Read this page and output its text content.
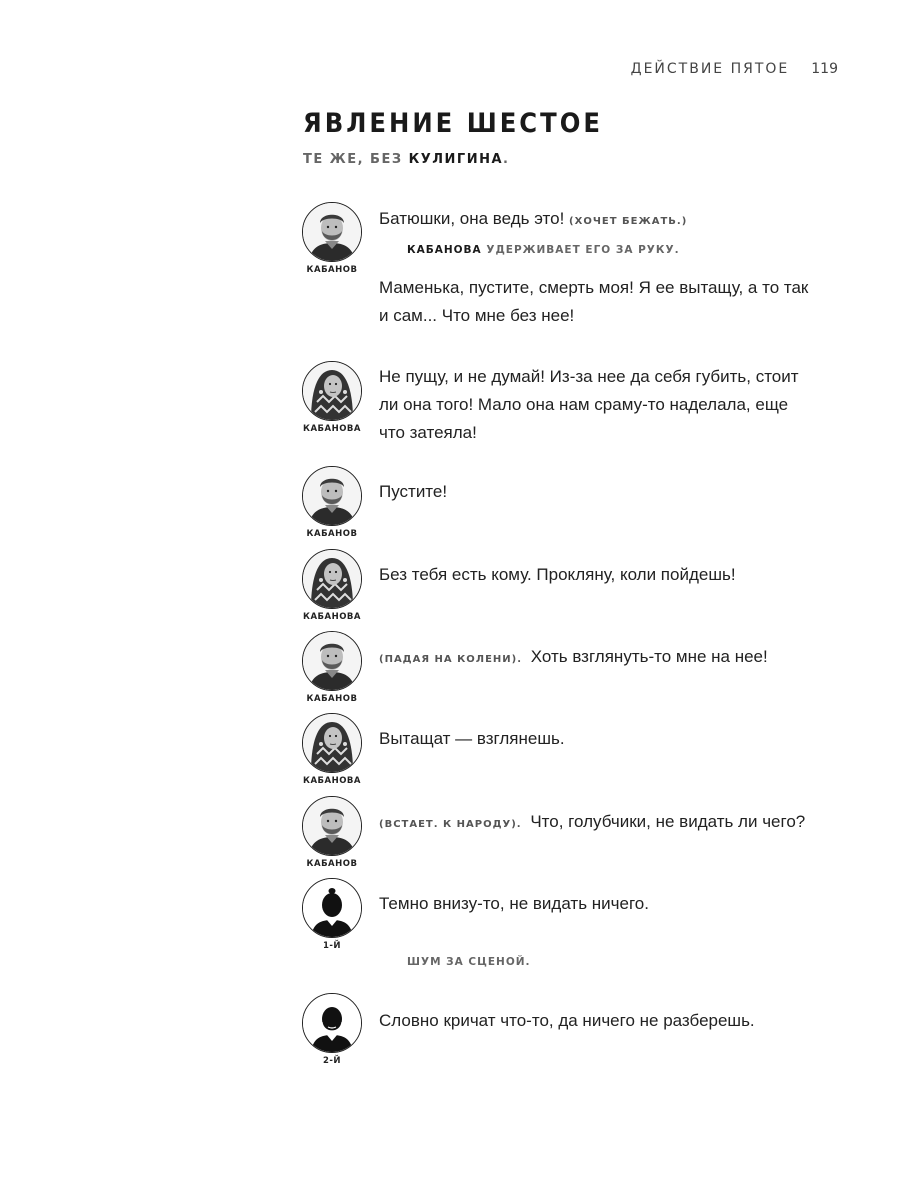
ДЕЙСТВИЕ ПЯТОЕ 119
ЯВЛЕНИЕ ШЕСТОЕ
ТЕ ЖЕ, БЕЗ КУЛИГИНА.
КАБАНОВ
Батюшки, она ведь это! (ХОЧЕТ БЕЖАТЬ.)
КАБАНОВА УДЕРЖИВАЕТ ЕГО ЗА РУКУ.
Маменька, пустите, смерть моя! Я ее вытащу, а то так и сам... Что мне без нее!
КАБАНОВА
Не пущу, и не думай! Из-за нее да себя губить, стоит ли она того! Мало она нам сраму-то наделала, еще что затеяла!
КАБАНОВ
Пустите!
КАБАНОВА
Без тебя есть кому. Прокляну, коли пойдешь!
КАБАНОВ
(ПАДАЯ НА КОЛЕНИ). Хоть взглянуть-то мне на нее!
КАБАНОВА
Вытащат — взглянешь.
КАБАНОВ
(ВСТАЕТ. К НАРОДУ). Что, голубчики, не видать ли чего?
1-Й
Темно внизу-то, не видать ничего.
ШУМ ЗА СЦЕНОЙ.
2-Й
Словно кричат что-то, да ничего не разберешь.
